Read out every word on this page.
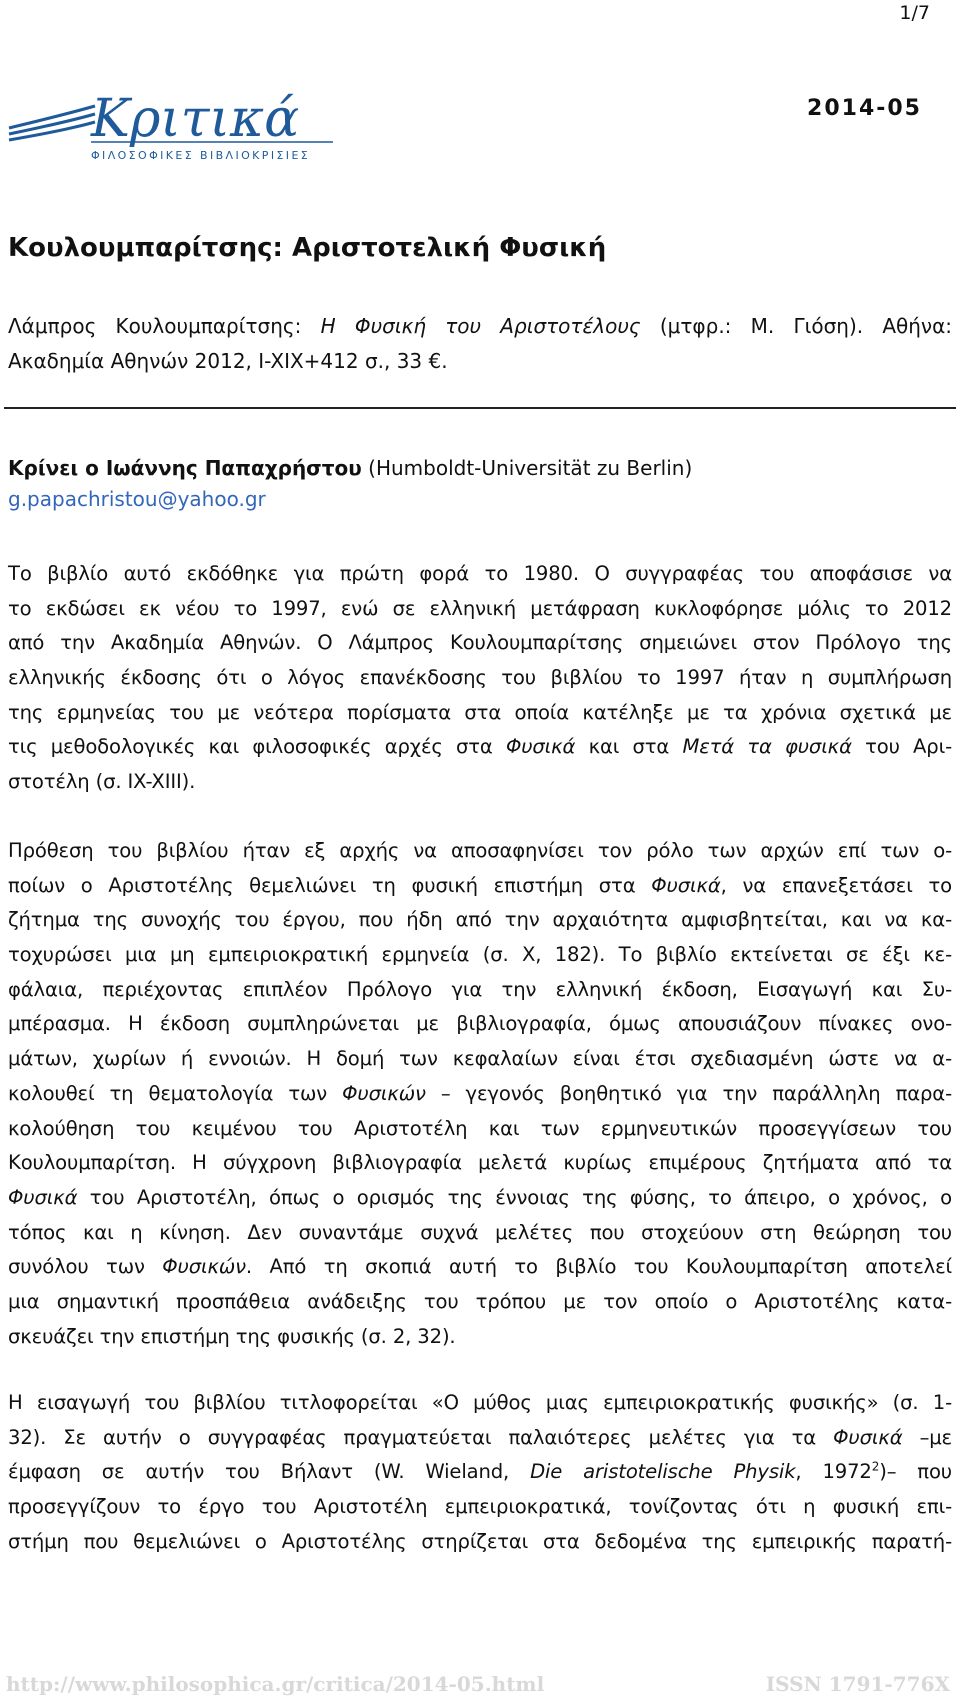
1/7
2014-05
Κριτικά
ΦΙΛΟΣΟΦΙΚΕΣ ΒΙΒΛΙΟΚΡΙΣΙΕΣ
Κουλουμπαρίτσης: Αριστοτελική Φυσική
Λάμπρος Κουλουμπαρίτσης: Η Φυσική του Αριστοτέλους (μτφρ.: Μ. Γιόση). Αθήνα:
Ακαδημία Αθηνών 2012, I-XIX+412 σ., 33 €.
Κρίνει ο Ιωάννης Παπαχρήστου (Humboldt-Universität zu Berlin)
g.papachristou@yahoo.gr

Το βιβλίο αυτό εκδόθηκε για πρώτη φορά το 1980. Ο συγγραφέας του αποφάσισε να
το εκδώσει εκ νέου το 1997, ενώ σε ελληνική μετάφραση κυκλοφόρησε μόλις το 2012
από την Ακαδημία Αθηνών. Ο Λάμπρος Κουλουμπαρίτσης σημειώνει στον Πρόλογο της
ελληνικής έκδοσης ότι ο λόγος επανέκδοσης του βιβλίου το 1997 ήταν η συμπλήρωση
της ερμηνείας του με νεότερα πορίσματα στα οποία κατέληξε με τα χρόνια σχετικά με
τις μεθοδολογικές και φιλοσοφικές αρχές στα Φυσικά και στα Μετά τα φυσικά του Αρι-
στοτέλη (σ. IX-XIII).

Πρόθεση του βιβλίου ήταν εξ αρχής να αποσαφηνίσει τον ρόλο των αρχών επί των ο-
ποίων ο Αριστοτέλης θεμελιώνει τη φυσική επιστήμη στα Φυσικά, να επανεξετάσει το
ζήτημα της συνοχής του έργου, που ήδη από την αρχαιότητα αμφισβητείται, και να κα-
τοχυρώσει μια μη εμπειριοκρατική ερμηνεία (σ. Χ, 182). Το βιβλίο εκτείνεται σε έξι κε-
φάλαια, περιέχοντας επιπλέον Πρόλογο για την ελληνική έκδοση, Εισαγωγή και Συ-
μπέρασμα. Η έκδοση συμπληρώνεται με βιβλιογραφία, όμως απουσιάζουν πίνακες ονο-
μάτων, χωρίων ή εννοιών. Η δομή των κεφαλαίων είναι έτσι σχεδιασμένη ώστε να α-
κολουθεί τη θεματολογία των Φυσικών – γεγονός βοηθητικό για την παράλληλη παρα-
κολούθηση του κειμένου του Αριστοτέλη και των ερμηνευτικών προσεγγίσεων του
Κουλουμπαρίτση. Η σύγχρονη βιβλιογραφία μελετά κυρίως επιμέρους ζητήματα από τα
Φυσικά του Αριστοτέλη, όπως ο ορισμός της έννοιας της φύσης, το άπειρο, ο χρόνος, ο
τόπος και η κίνηση. Δεν συναντάμε συχνά μελέτες που στοχεύουν στη θεώρηση του
συνόλου των Φυσικών. Από τη σκοπιά αυτή το βιβλίο του Κουλουμπαρίτση αποτελεί
μια σημαντική προσπάθεια ανάδειξης του τρόπου με τον οποίο ο Αριστοτέλης κατα-
σκευάζει την επιστήμη της φυσικής (σ. 2, 32).

Η εισαγωγή του βιβλίου τιτλοφορείται «Ο μύθος μιας εμπειριοκρατικής φυσικής» (σ. 1-
32). Σε αυτήν ο συγγραφέας πραγματεύεται παλαιότερες μελέτες για τα Φυσικά –με
έμφαση σε αυτήν του Βήλαντ (W. Wieland, Die aristotelische Physik, 1972$^2$)– που
προσεγγίζουν το έργο του Αριστοτέλη εμπειριοκρατικά, τονίζοντας ότι η φυσική επι-
στήμη που θεμελιώνει ο Αριστοτέλης στηρίζεται στα δεδομένα της εμπειρικής παρατή-

http://www.philosophica.gr/critica/2014-05.html	ISSN 1791-776X
